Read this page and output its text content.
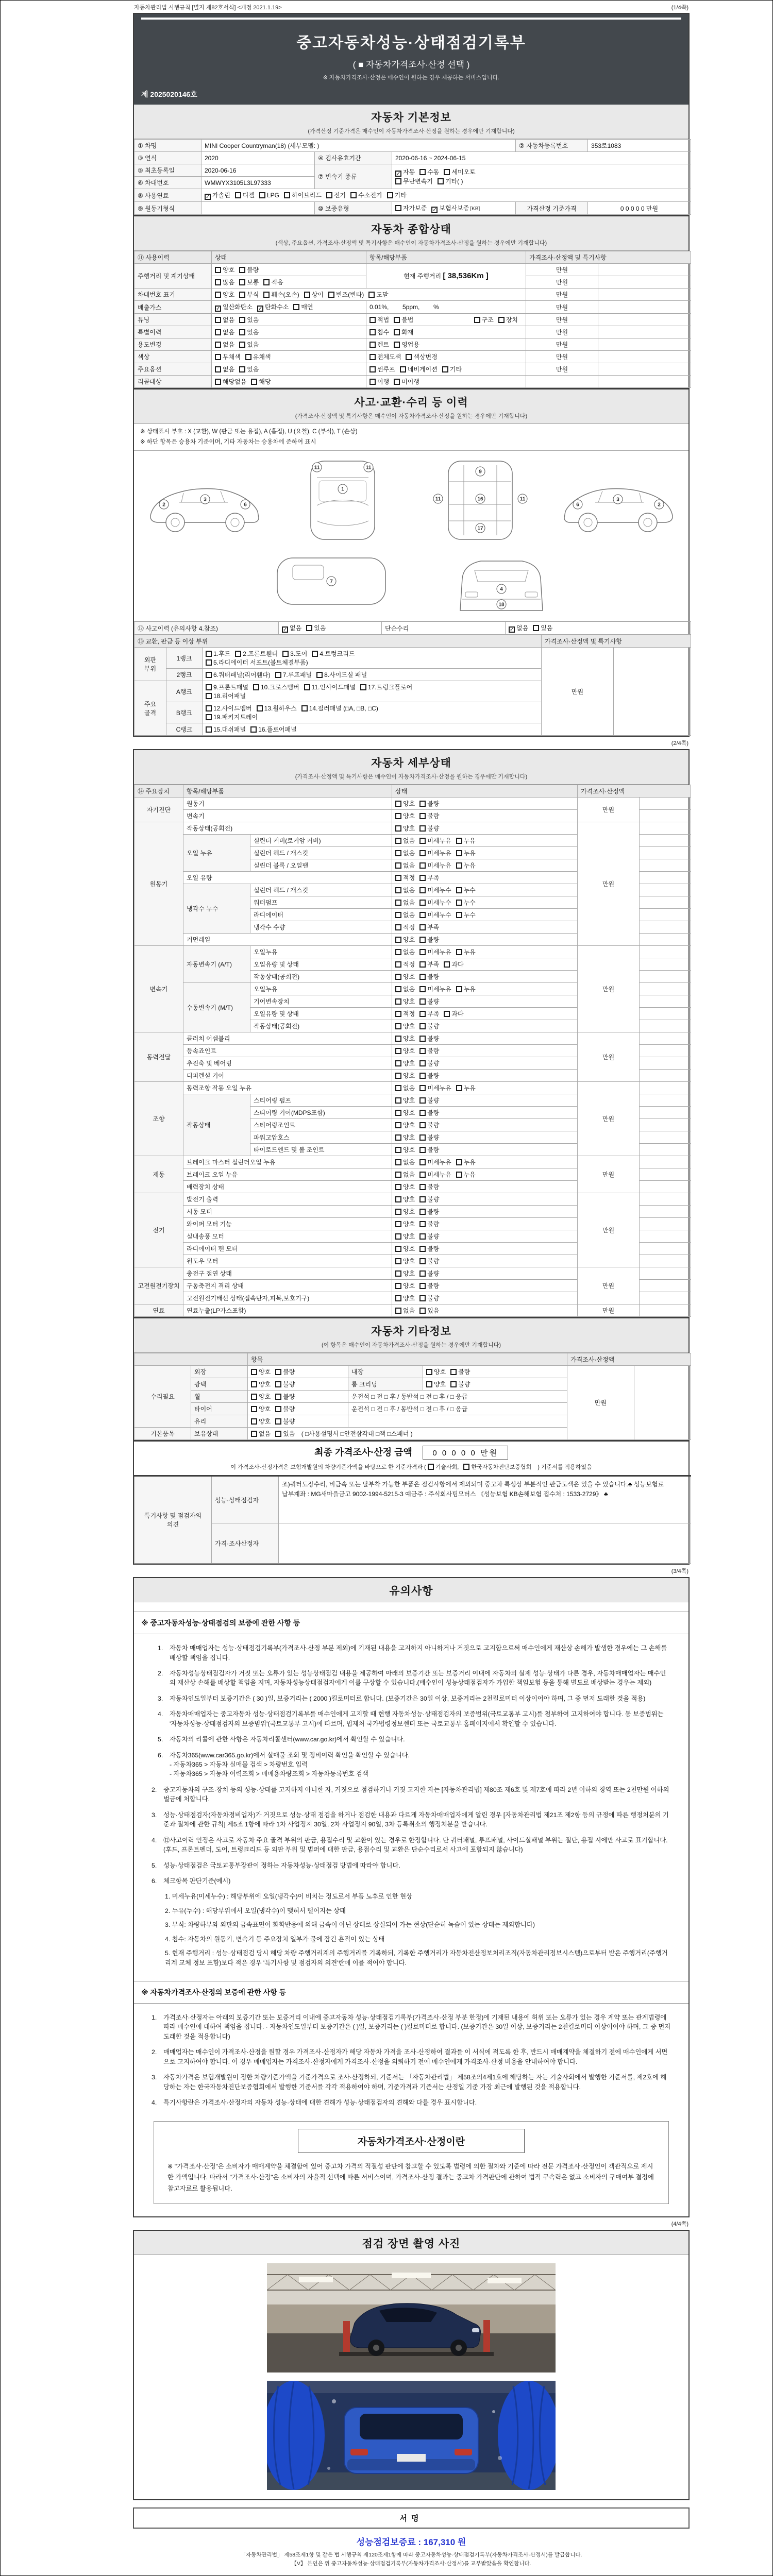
자동차관리법 시행규칙 [별지 제82호서식] <개정 2021.1.19>	(1/4쪽)
중고자동차성능·상태점검기록부
( ■ 자동차가격조사·산정 선택 )
※ 자동차가격조사·산정은 매수인이 원하는 경우 제공하는 서비스입니다.
제 2025020146호
자동차 기본정보
(가격산정 기준가격은 매수인이 자동차가격조사·산정을 원하는 경우에만 기재합니다)
① 차명	MINI Cooper Countryman(18) (세부모델: )			② 자동차등록번호	353로1083
③ 연식	2020	④ 검사유효기간	2020-06-16 ~ 2024-06-15		
⑤ 최초등록일	2020-06-16	⑦ 변속기 종류	✓ 자동 수동 세미오토
무단변속기 기타( )		

⑥ 차대번호	WMWYX3105L3L97333				
⑧ 사용연료	✓ 가솔린 디젤 LPG 하이브리드 전기 수소전기 기타				
⑨ 원동기형식		⑩ 보증유형	자가보증 ✓ 보험사보증 [KB]	가격산정 기준가격	0 0 0 0 0 만원
자동차 종합상태
(색상, 주요옵션, 가격조사·산정액 및 특기사항은 매수인이 자동차가격조사·산정을 원하는 경우에만 기재합니다)
⑪ 사용이력	상태	항목/해당부품	가격조사·산정액 및 특기사항	
주행거리 및 계기상태	양호 불량	현재 주행거리 [ 38,536Km ]	만원	
	많음 보통 적음		만원	
차대번호 표기	양호 부식 훼손(오손) 상이 변조(변타) 도말		만원	
배출가스	✓ 일산화탄소 ✓ 탄화수소 매연	0.01%,        5ppm,        %	만원	
튜닝	없음 있음	적법 불법 구조 장치	만원	
특별이력	없음 있음	침수 화재	만원	
용도변경	없음 있음	렌트 영업용	만원	
색상	무채색 유채색	전체도색 색상변경	만원	
주요옵션	없음 있음	썬루프 네비게이션 기타	만원	
리콜대상	해당없음 해당	이행 미이행		
사고·교환·수리 등 이력
(가격조사·산정액 및 특기사항은 매수인이 자동차가격조사·산정을 원하는 경우에만 기재합니다)
※ 상태표시 부호 : X (교환), W (판금 또는 용접), A (흠집), U (요철), C (부식), T (손상)
※ 하단 항목은 승용차 기준이며, 기타 자동차는 승용차에 준하여 표시
2
3
6
1
11	11
9
11	11
16
17
2
3
6
7
4
18
⑫ 사고이력 (유의사항 4.참조)	✓ 없음 있음	단순수리	✓ 없음 있음
⑬ 교환, 판금 등 이상 부위			가격조사·산정액 및 특기사항	

외판
부위
	1랭크	
1.후드 2.프론트휀더 3.도어 4.트렁크리드
5.라디에이터 서포트(볼트체결부품)
	만원	
	2랭크	6.쿼터패널(리어휀다) 7.루프패널 8.사이드실 패널		

주요
골격
	A랭크	
9.프론트패널 10.크로스멤버 11.인사이드패널 17.트렁크플로어
18.리어패널

	B랭크	12.사이드멤버 13.휠하우스 14.필러패널 (□A, □B, □C)
19.패키지트레이		

	C랭크	15.대쉬패널 16.플로어패널		
(2/4쪽)
자동차 세부상태
(가격조사·산정액 및 특기사항은 매수인이 자동차가격조사·산정을 원하는 경우에만 기재합니다)
⑭ 주요장치	항목/해당부품		상태	가격조사·산정액	
자기진단	원동기		양호 불량	만원	
	변속기		양호 불량		
원동기	작동상태(공회전)		양호 불량	만원	
	오일 누유	실린더 커버(로커암 커버)	없음 미세누유 누유		
		실린더 헤드 / 개스킷	없음 미세누유 누유		
		실린더 블록 / 오일팬	없음 미세누유 누유		
	오일 유량		적정 부족		
	냉각수 누수	실린더 헤드 / 개스킷	없음 미세누수 누수		
		워터펌프	없음 미세누수 누수		
		라디에이터	없음 미세누수 누수		
		냉각수 수량	적정 부족		
	커먼레일		양호 불량		
변속기	자동변속기 (A/T)	오일누유	없음 미세누유 누유	만원	
		오일유량 및 상태	적정 부족 과다		
		작동상태(공회전)	양호 불량		
	수동변속기 (M/T)	오일누유	없음 미세누유 누유		
		기어변속장치	양호 불량		
		오일유량 및 상태	적정 부족 과다		
		작동상태(공회전)	양호 불량		
동력전달	클러치 어셈블리		양호 불량	만원	
	등속죠인트		양호 불량		
	추진축 및 베어링		양호 불량		
	디퍼렌셜 기어		양호 불량		
조향	동력조향 작동 오일 누유		없음 미세누유 누유	만원	
	작동상태	스티어링 펌프	양호 불량		
		스티어링 기어(MDPS포함)	양호 불량		
		스티어링조인트	양호 불량		
		파워고압호스	양호 불량		
		타이로드엔드 및 볼 조인트	양호 불량		
제동	브레이크 마스터 실린더오일 누유		없음 미세누유 누유	만원	
	브레이크 오일 누유		없음 미세누유 누유		
	배력장치 상태		양호 불량		
전기	발전기 출력		양호 불량	만원	
	시동 모터		양호 불량		
	와이퍼 모터 기능		양호 불량		
	실내송풍 모터		양호 불량		
	라디에이터 팬 모터		양호 불량		
	윈도우 모터		양호 불량		
고전원전기장치	충전구 절연 상태		양호 불량	만원	
	구동축전지 격리 상태		양호 불량		
	고전원전기배선 상태(접속단자,피복,보호기구)		양호 불량		
연료	연료누출(LP가스포함)		없음 있음	만원	
자동차 기타정보
(이 항목은 매수인이 자동차가격조사·산정을 원하는 경우에만 기재합니다)
		항목			가격조사·산정액	
수리필요	외장	양호 불량	내장	양호 불량	만원	
	광택	양호 불량	룸 크리닝	양호 불량		
	휠	양호 불량	운전석 □ 전 □ 후 / 동반석 □ 전 □ 후 / □ 응급			
	타이어	양호 불량	운전석 □ 전 □ 후 / 동반석 □ 전 □ 후 / □ 응급			
	유리	양호 불량				
기본품목	보유상태	없음 있음 ( □사용설명서 □안전삼각대 □잭 □스패너 )				
최종 가격조사·산정 금액	0 0 0 0 0 만원
이 가격조사·산정가격은 보험개발원의 차량기준가액을 바탕으로 한 기준가격과 ( 기술사회, 한국자동차진단보증협회 ) 기준서를 적용하였음
특기사항 및 점검자의 의견	성능·상태점검자	조)쿼터도장수리, 비금속 또는 탈부착 가능한 부품은 점검사항에서 제외되며 중고차 특성상 부분적인 판금도색은 있을 수 있습니다.♣ 성능보험료 납부계좌 : MG새마을금고 9002-1994-5215-3 예금주 : 주식회사팀모터스 《성능보험 KB손해보험 접수처 : 1533-2729》 ♣
	가격·조사산정자	
(3/4쪽)
유의사항
※ 중고자동차성능·상태점검의 보증에 관한 사항 등
1.	자동차 매매업자는 성능·상태점검기록부(가격조사·산정 부분 제외)에 기재된 내용을 고지하지 아니하거나 거짓으로 고지함으로써 매수인에게 재산상 손해가 발생한 경우에는 그 손해를 배상할 책임을 집니다.
2.	자동차성능상태점검자가 거짓 또는 오류가 있는 성능상태점검 내용을 제공하여 아래의 보증기간 또는 보증거리 이내에 자동차의 실제 성능·상태가 다른 경우, 자동차매매업자는 매수인의 재산상 손해를 배상할 책임을 지며, 자동차성능상태점검자에게 이를 구상할 수 있습니다.(매수인이 성능상태점검자가 가입한 책임보험 등을 통해 별도로 배상받는 경우는 제외)
3.	자동차인도일부터 보증기간은 ( 30 )일, 보증거리는 ( 2000 )킬로미터로 합니다. (보증기간은 30일 이상, 보증거리는 2천킬로미터 이상이어야 하며, 그 중 먼저 도래한 것을 적용)
4.	자동차매매업자는 중고자동차 성능·상태점검기록부를 매수인에게 고지할 때 현행 자동차성능·상태점검자의 보증범위(국토교통부 고시)를 첨부하여 고지하여야 합니다. 동 보증범위는 '자동차성능·상태점검자의 보증범위'(국토교통부 고시)에 따르며, 법제처 국가법령정보센터 또는 국토교통부 홈페이지에서 확인할 수 있습니다.
5.	자동차의 리콜에 관한 사항은 자동차리콜센터(www.car.go.kr)에서 확인할 수 있습니다.
6.	자동차365(www.car365.go.kr)에서 실매물 조회 및 정비이력 확인을 확인할 수 있습니다.
- 자동차365 > 자동차 실매물 검색 > 차량번호 입력
- 자동차365 > 자동차 이력조회 > 매매용차량조회 > 자동차등록번호 검색
2.	중고자동차의 구조·장치 등의 성능·상태를 고지하지 아니한 자, 거짓으로 점검하거나 거짓 고지한 자는 [자동차관리법] 제80조 제6호 및 제7호에 따라 2년 이하의 징역 또는 2천만원 이하의 벌금에 처합니다.
3.	성능·상태점검자(자동차정비업자)가 거짓으로 성능·상태 점검을 하거나 점검한 내용과 다르게 자동차매매업자에게 알린 경우 [자동차관리법 제21조 제2항 등의 규정에 따른 행정처분의 기준과 절차에 관한 규칙] 제5조 1항에 따라 1차 사업정지 30일, 2차 사업정지 90일, 3차 등록취소의 행정처분을 받습니다.
4.	⑫사고이력 인정은 사고로 자동차 주요 골격 부위의 판금, 용접수리 및 교환이 있는 경우로 한정합니다. 단 쿼터패널, 루프패널, 사이드실패널 부위는 절단, 용접 시에만 사고로 표기합니다. (후드, 프론트펜더, 도어, 트렁크리드 등 외판 부위 및 범퍼에 대한 판금, 용접수리 및 교환은 단순수리로서 사고에 포함되지 않습니다)
5.	성능·상태점검은 국토교통부장관이 정하는 자동차성능·상태점검 방법에 따라야 합니다.
6.	체크항목 판단기준(예시)
1. 미세누유(미세누수) : 해당부위에 오일(냉각수)이 비치는 정도로서 부품 노후로 인한 현상
2. 누유(누수) : 해당부위에서 오일(냉각수)이 맺혀서 떨어지는 상태
3. 부식: 차량하부와 외판의 금속표면이 화학반응에 의해 금속이 아닌 상태로 상실되어 가는 현상(단순히 녹슬어 있는 상태는 제외합니다)
4. 침수: 자동차의 원동기, 변속기 등 주요장치 일부가 물에 잠긴 흔적이 있는 상태
5. 현재 주행거리 : 성능·상태점검 당시 해당 차량 주행거리계의 주행거리를 기록하되, 기록한 주행거리가 자동차전산정보처리조직(자동차관리정보시스템)으로부터 받은 주행거리(주행거리계 교체 정보 포함)보다 적은 경우 '특기사항 및 점검자의 의견'란에 이를 적어야 합니다.
※ 자동차가격조사·산정의 보증에 관한 사항 등
1.	가격조사·산정자는 아래의 보증기간 또는 보증거리 이내에 중고자동차 성능·상태점검기록부(가격조사·산정 부분 한정)에 기재된 내용에 허위 또는 오류가 있는 경우 계약 또는 관계법령에 따라 매수인에 대하여 책임을 집니다. · 자동차인도일부터 보증기간은 ( )일, 보증거리는 ( )킬로미터로 합니다. (보증기간은 30일 이상, 보증거리는 2천킬로미터 이상이어야 하며, 그 중 먼저 도래한 것을 적용합니다)
2.	매매업자는 매수인이 가격조사·산정을 원할 경우 가격조사·산정자가 해당 자동차 가격을 조사·산정하여 결과를 이 서식에 적도록 한 후, 반드시 매매계약을 체결하기 전에 매수인에게 서면으로 고지하여야 합니다. 이 경우 매매업자는 가격조사·산정자에게 가격조사·산정을 의뢰하기 전에 매수인에게 가격조사·산정 비용을 안내하여야 합니다.
3.	자동차가격은 보험개발원이 정한 차량기준가액을 기준가격으로 조사·산정하되, 기준서는 「자동차관리법」 제58조의4제1호에 해당하는 자는 기술사회에서 발행한 기준서를, 제2호에 해당하는 자는 한국자동차진단보증협회에서 발행한 기준서를 각각 적용하여야 하며, 기준가격과 기준서는 산정일 기준 가장 최근에 발행된 것을 적용합니다.
4.	특기사항란은 가격조사·산정자의 자동차 성능·상태에 대한 견해가 성능·상태점검자의 견해와 다를 경우 표시합니다.
자동차가격조사·산정이란
※ "가격조사·산정"은 소비자가 매매계약을 체결함에 있어 중고차 가격의 적절성 판단에 참고할 수 있도록 법령에 의한 절차와 기준에 따라 전문 가격조사·산정인이 객관적으로 제시한 가액입니다. 따라서 "가격조사·산정"은 소비자의 자율적 선택에 따른 서비스이며, 가격조사·산정 결과는 중고차 가격판단에 관하여 법적 구속력은 없고 소비자의 구매여부 결정에 참고자료로 활용됩니다.
(4/4쪽)
점검 장면 촬영 사진
서명
성능점검보증료 : 167,310 원
「자동차관리법」 제58조제1항 및 같은 법 시행규칙 제120조제1항에 따라 중고자동차성능·상태점검기록부(자동차가격조사·산정서)를 발급합니다.
【V】 본인은 위 중고자동차성능·상태점검기록부(자동차가격조사·산정서)를 교부받았음을 확인합니다.
